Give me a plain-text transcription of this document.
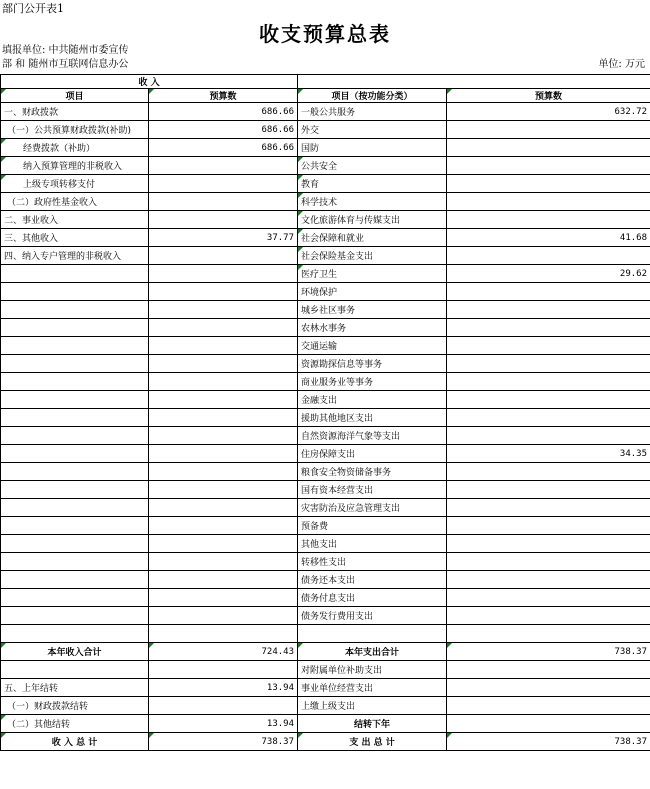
部门公开表1
收支预算总表
填报单位: 中共随州市委宣传
部 和 随州市互联网信息办公	单位: 万元
收 入			
项目	预算数	项目（按功能分类）	预算数
一、财政拨款	686.66	一般公共服务	632.72
（一）公共预算财政拨款(补助)	686.66	外交	
经费拨款（补助）	686.66	国防	
纳入预算管理的非税收入		公共安全	
上级专项转移支付		教育	
（二）政府性基金收入		科学技术	
二、事业收入		文化旅游体育与传媒支出	
三、其他收入	37.77	社会保障和就业	41.68
四、纳入专户管理的非税收入		社会保险基金支出	
		医疗卫生	29.62
		环境保护	
		城乡社区事务	
		农林水事务	
		交通运输	
		资源勘探信息等事务	
		商业服务业等事务	
		金融支出	
		援助其他地区支出	
		自然资源海洋气象等支出	
		住房保障支出	34.35
		粮食安全物资储备事务	
		国有资本经营支出	
		灾害防治及应急管理支出	
		预备费	
		其他支出	
		转移性支出	
		债务还本支出	
		债务付息支出	
		债务发行费用支出	

本年收入合计	724.43	本年支出合计	738.37
		对附属单位补助支出	
五、上年结转	13.94	事业单位经营支出	
（一）财政拨款结转		上缴上级支出	
（二）其他结转	13.94	结转下年	
收 入 总 计	738.37	支 出 总 计	738.37
